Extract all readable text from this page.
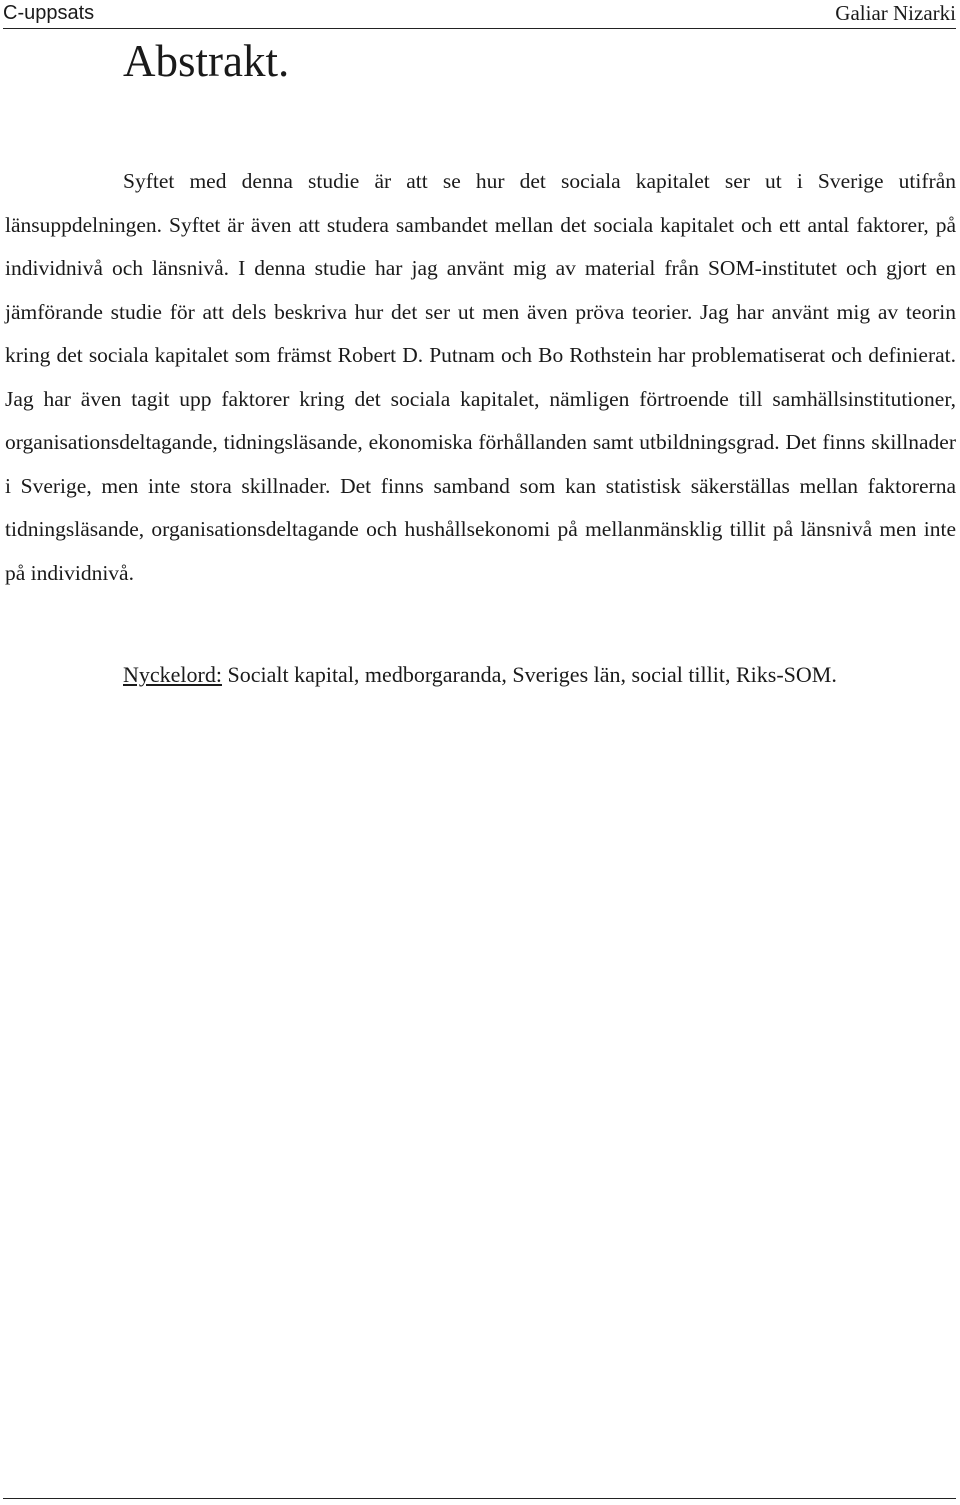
C-uppsats	Galiar Nizarki
Abstrakt.

Syftet med denna studie är att se hur det sociala kapitalet ser ut i Sverige utifrån länsuppdelningen. Syftet är även att studera sambandet mellan det sociala kapitalet och ett antal faktorer, på individnivå och länsnivå. I denna studie har jag använt mig av material från SOM-institutet och gjort en jämförande studie för att dels beskriva hur det ser ut men även pröva teorier. Jag har använt mig av teorin kring det sociala kapitalet som främst Robert D. Putnam och Bo Rothstein har problematiserat och definierat. Jag har även tagit upp faktorer kring det sociala kapitalet, nämligen förtroende till samhällsinstitutioner, organisationsdeltagande, tidningsläsande, ekonomiska förhållanden samt utbildningsgrad. Det finns skillnader i Sverige, men inte stora skillnader. Det finns samband som kan statistisk säkerställas mellan faktorerna tidningsläsande, organisationsdeltagande och hushållsekonomi på mellanmänsklig tillit på länsnivå men inte på individnivå.

Nyckelord: Socialt kapital, medborgaranda, Sveriges län, social tillit, Riks-SOM.
